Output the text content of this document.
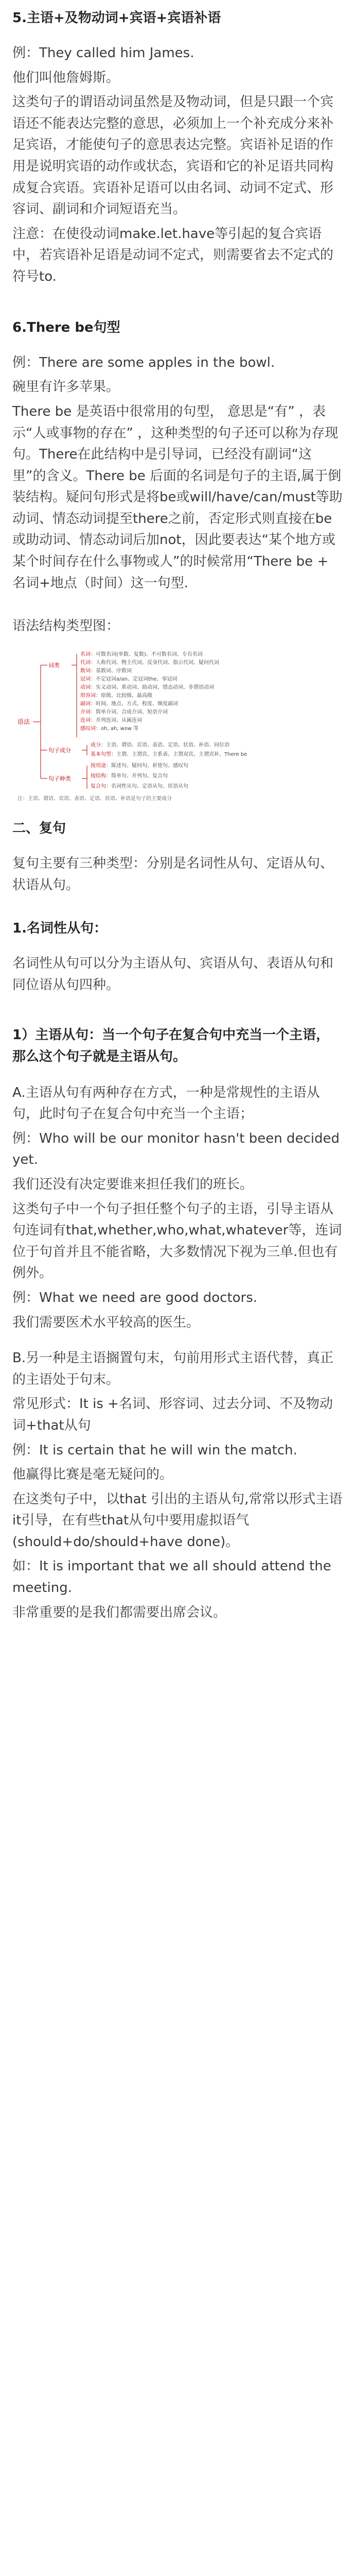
5.主语+及物动词+宾语+宾语补语

例：They called him James.

他们叫他詹姆斯。

这类句子的谓语动词虽然是及物动词，但是只跟一个宾语还不能表达完整的意思，必须加上一个补充成分来补足宾语，才能使句子的意思表达完整。宾语补足语的作用是说明宾语的动作或状态，宾语和它的补足语共同构成复合宾语。宾语补足语可以由名词、动词不定式、形容词、副词和介词短语充当。

注意：在使役动词make.let.have等引起的复合宾语中，若宾语补足语是动词不定式，则需要省去不定式的符号to.

6.There be句型

例：There are some apples in the bowl.

碗里有许多苹果。

There be 是英语中很常用的句型， 意思是“有” ，表示“人或事物的存在” ，这种类型的句子还可以称为存现句。There在此结构中是引导词，已经没有副词“这里”的含义。There be 后面的名词是句子的主语,属于倒装结构。疑问句形式是将be或will/have/can/must等助动词、情态动词提至there之前，否定形式则直接在be或助动词、情态动词后加not，因此要表达“某个地方或某个时间存在什么事物或人”的时候常用“There be + 名词+地点（时间）这一句型.

语法结构类型图：

语法
词类
句子成分
句子种类
名词：可数名词(单数、复数)、不可数名词、专有名词
代词：人称代词、物主代词、反身代词、指示代词、疑问代词
数词：基数词、序数词
冠词：不定冠词a/an、定冠词the、零冠词
动词：实义动词、系动词、助动词、情态动词、非谓语动词
形容词：原级、比较级、最高级
副词：时间、地点、方式、程度、频度副词
介词：简单介词、合成介词、短语介词
连词：并列连词、从属连词
感叹词：oh, ah, wow 等
成分：主语、谓语、宾语、表语、定语、状语、补语、同位语
基本句型：主谓、主谓宾、主系表、主谓双宾、主谓宾补、There be
按用途：陈述句、疑问句、祈使句、感叹句
按结构：简单句、并列句、复合句
复合句：名词性从句、定语从句、状语从句
注：主语、谓语、宾语、表语、定语、状语、补语是句子的主要成分
二、复句

复句主要有三种类型：分别是名词性从句、定语从句、状语从句。

1.名词性从句：

名词性从句可以分为主语从句、宾语从句、表语从句和同位语从句四种。

1）主语从句：当一个句子在复合句中充当一个主语，那么这个句子就是主语从句。

A.主语从句有两种存在方式，一种是常规性的主语从句，此时句子在复合句中充当一个主语；

例：Who will be our monitor hasn't been decided yet.

我们还没有决定要谁来担任我们的班长。

这类句子中一个句子担任整个句子的主语，引导主语从句连词有that,whether,who,what,whatever等，连词位于句首并且不能省略，大多数情况下视为三单.但也有例外。

例：What we need are good doctors.

我们需要医术水平较高的医生。

B.另一种是主语搁置句末，句前用形式主语代替，真正的主语处于句末。

常见形式：It is +名词、形容词、过去分词、不及物动词+that从句

例：It is certain that he will win the match.

他赢得比赛是毫无疑问的。

在这类句子中，以that 引出的主语从句,常常以形式主语it引导，在有些that从句中要用虚拟语气(should+do/should+have done)。

如：It is important that we all should attend the meeting.

非常重要的是我们都需要出席会议。
